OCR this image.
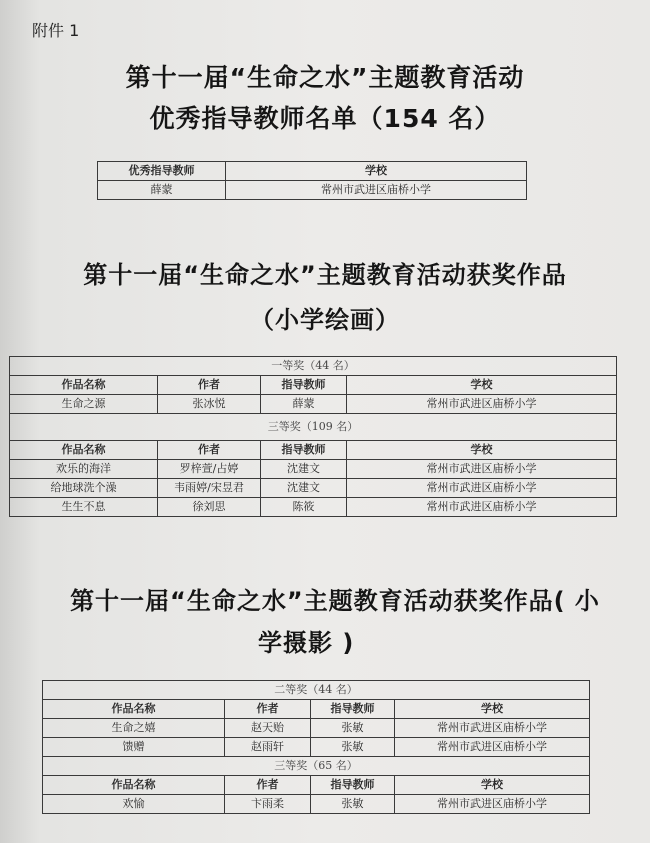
附件 1
第十一届“生命之水”主题教育活动
优秀指导教师名单（154 名）
优秀指导教师	学校
薛蒙	常州市武进区庙桥小学
第十一届“生命之水”主题教育活动获奖作品
（小学绘画）
一等奖（44 名）			
作品名称	作者	指导教师	学校
生命之源	张冰悦	薛蒙	常州市武进区庙桥小学
三等奖（109 名）			
作品名称	作者	指导教师	学校
欢乐的海洋	罗梓萱/占婷	沈建文	常州市武进区庙桥小学
给地球洗个澡	韦雨婷/宋昱君	沈建文	常州市武进区庙桥小学
生生不息	徐刘思	陈筱	常州市武进区庙桥小学
第十一届“生命之水”主题教育活动获奖作品( 小
学摄影 )
二等奖（44 名）			
作品名称	作者	指导教师	学校
生命之嬉	赵天贻	张敏	常州市武进区庙桥小学
馈赠	赵雨轩	张敏	常州市武进区庙桥小学
三等奖（65 名）			
作品名称	作者	指导教师	学校
欢愉	卞雨柔	张敏	常州市武进区庙桥小学
